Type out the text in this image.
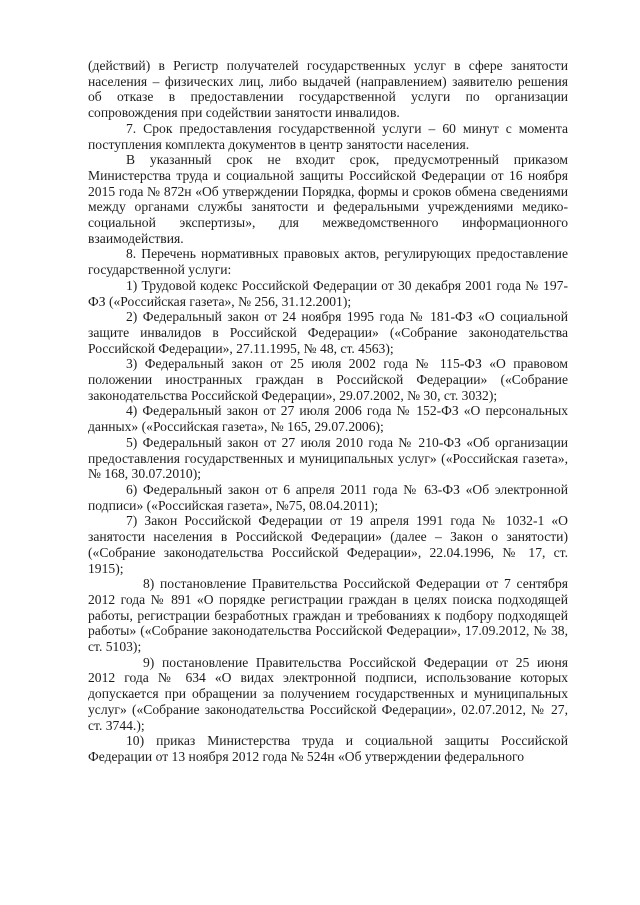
(действий) в Регистр получателей государственных услуг в сфере занятости населения – физических лиц, либо выдачей (направлением) заявителю решения об отказе в предоставлении государственной услуги по организации сопровождения при содействии занятости инвалидов.

7. Срок предоставления государственной услуги – 60 минут с момента поступления комплекта документов в центр занятости населения.

В указанный срок не входит срок, предусмотренный приказом Министерства труда и социальной защиты Российской Федерации от 16 ноября 2015 года № 872н «Об утверждении Порядка, формы и сроков обмена сведениями между органами службы занятости и федеральными учреждениями медико-социальной экспертизы», для межведомственного информационного взаимодействия.

8. Перечень нормативных правовых актов, регулирующих предоставление государственной услуги:

1) Трудовой кодекс Российской Федерации от 30 декабря 2001 года № 197-ФЗ («Российская газета», № 256, 31.12.2001);

2) Федеральный закон от 24 ноября 1995 года № 181-ФЗ «О социальной защите инвалидов в Российской Федерации» («Собрание законодательства Российской Федерации», 27.11.1995, № 48, ст. 4563);

3) Федеральный закон от 25 июля 2002 года № 115-ФЗ «О правовом положении иностранных граждан в Российской Федерации» («Собрание законодательства Российской Федерации», 29.07.2002, № 30, ст. 3032);

4) Федеральный закон от 27 июля 2006 года № 152-ФЗ «О персональных данных» («Российская газета», № 165, 29.07.2006);

5) Федеральный закон от 27 июля 2010 года № 210-ФЗ «Об организации предоставления государственных и муниципальных услуг» («Российская газета», № 168, 30.07.2010);

6) Федеральный закон от 6 апреля 2011 года № 63-ФЗ «Об электронной подписи» («Российская газета», №75, 08.04.2011);

7) Закон Российской Федерации от 19 апреля 1991 года № 1032-1 «О занятости населения в Российской Федерации» (далее – Закон о занятости) («Собрание законодательства Российской Федерации», 22.04.1996, № 17, ст. 1915);

8) постановление Правительства Российской Федерации от 7 сентября 2012 года № 891 «О порядке регистрации граждан в целях поиска подходящей работы, регистрации безработных граждан и требованиях к подбору подходящей работы» («Собрание законодательства Российской Федерации», 17.09.2012, № 38, ст. 5103);

9) постановление Правительства Российской Федерации от 25 июня 2012 года № 634 «О видах электронной подписи, использование которых допускается при обращении за получением государственных и муниципальных услуг» («Собрание законодательства Российской Федерации», 02.07.2012, № 27, ст. 3744.);

10) приказ Министерства труда и социальной защиты Российской Федерации от 13 ноября 2012 года № 524н «Об утверждении федерального
